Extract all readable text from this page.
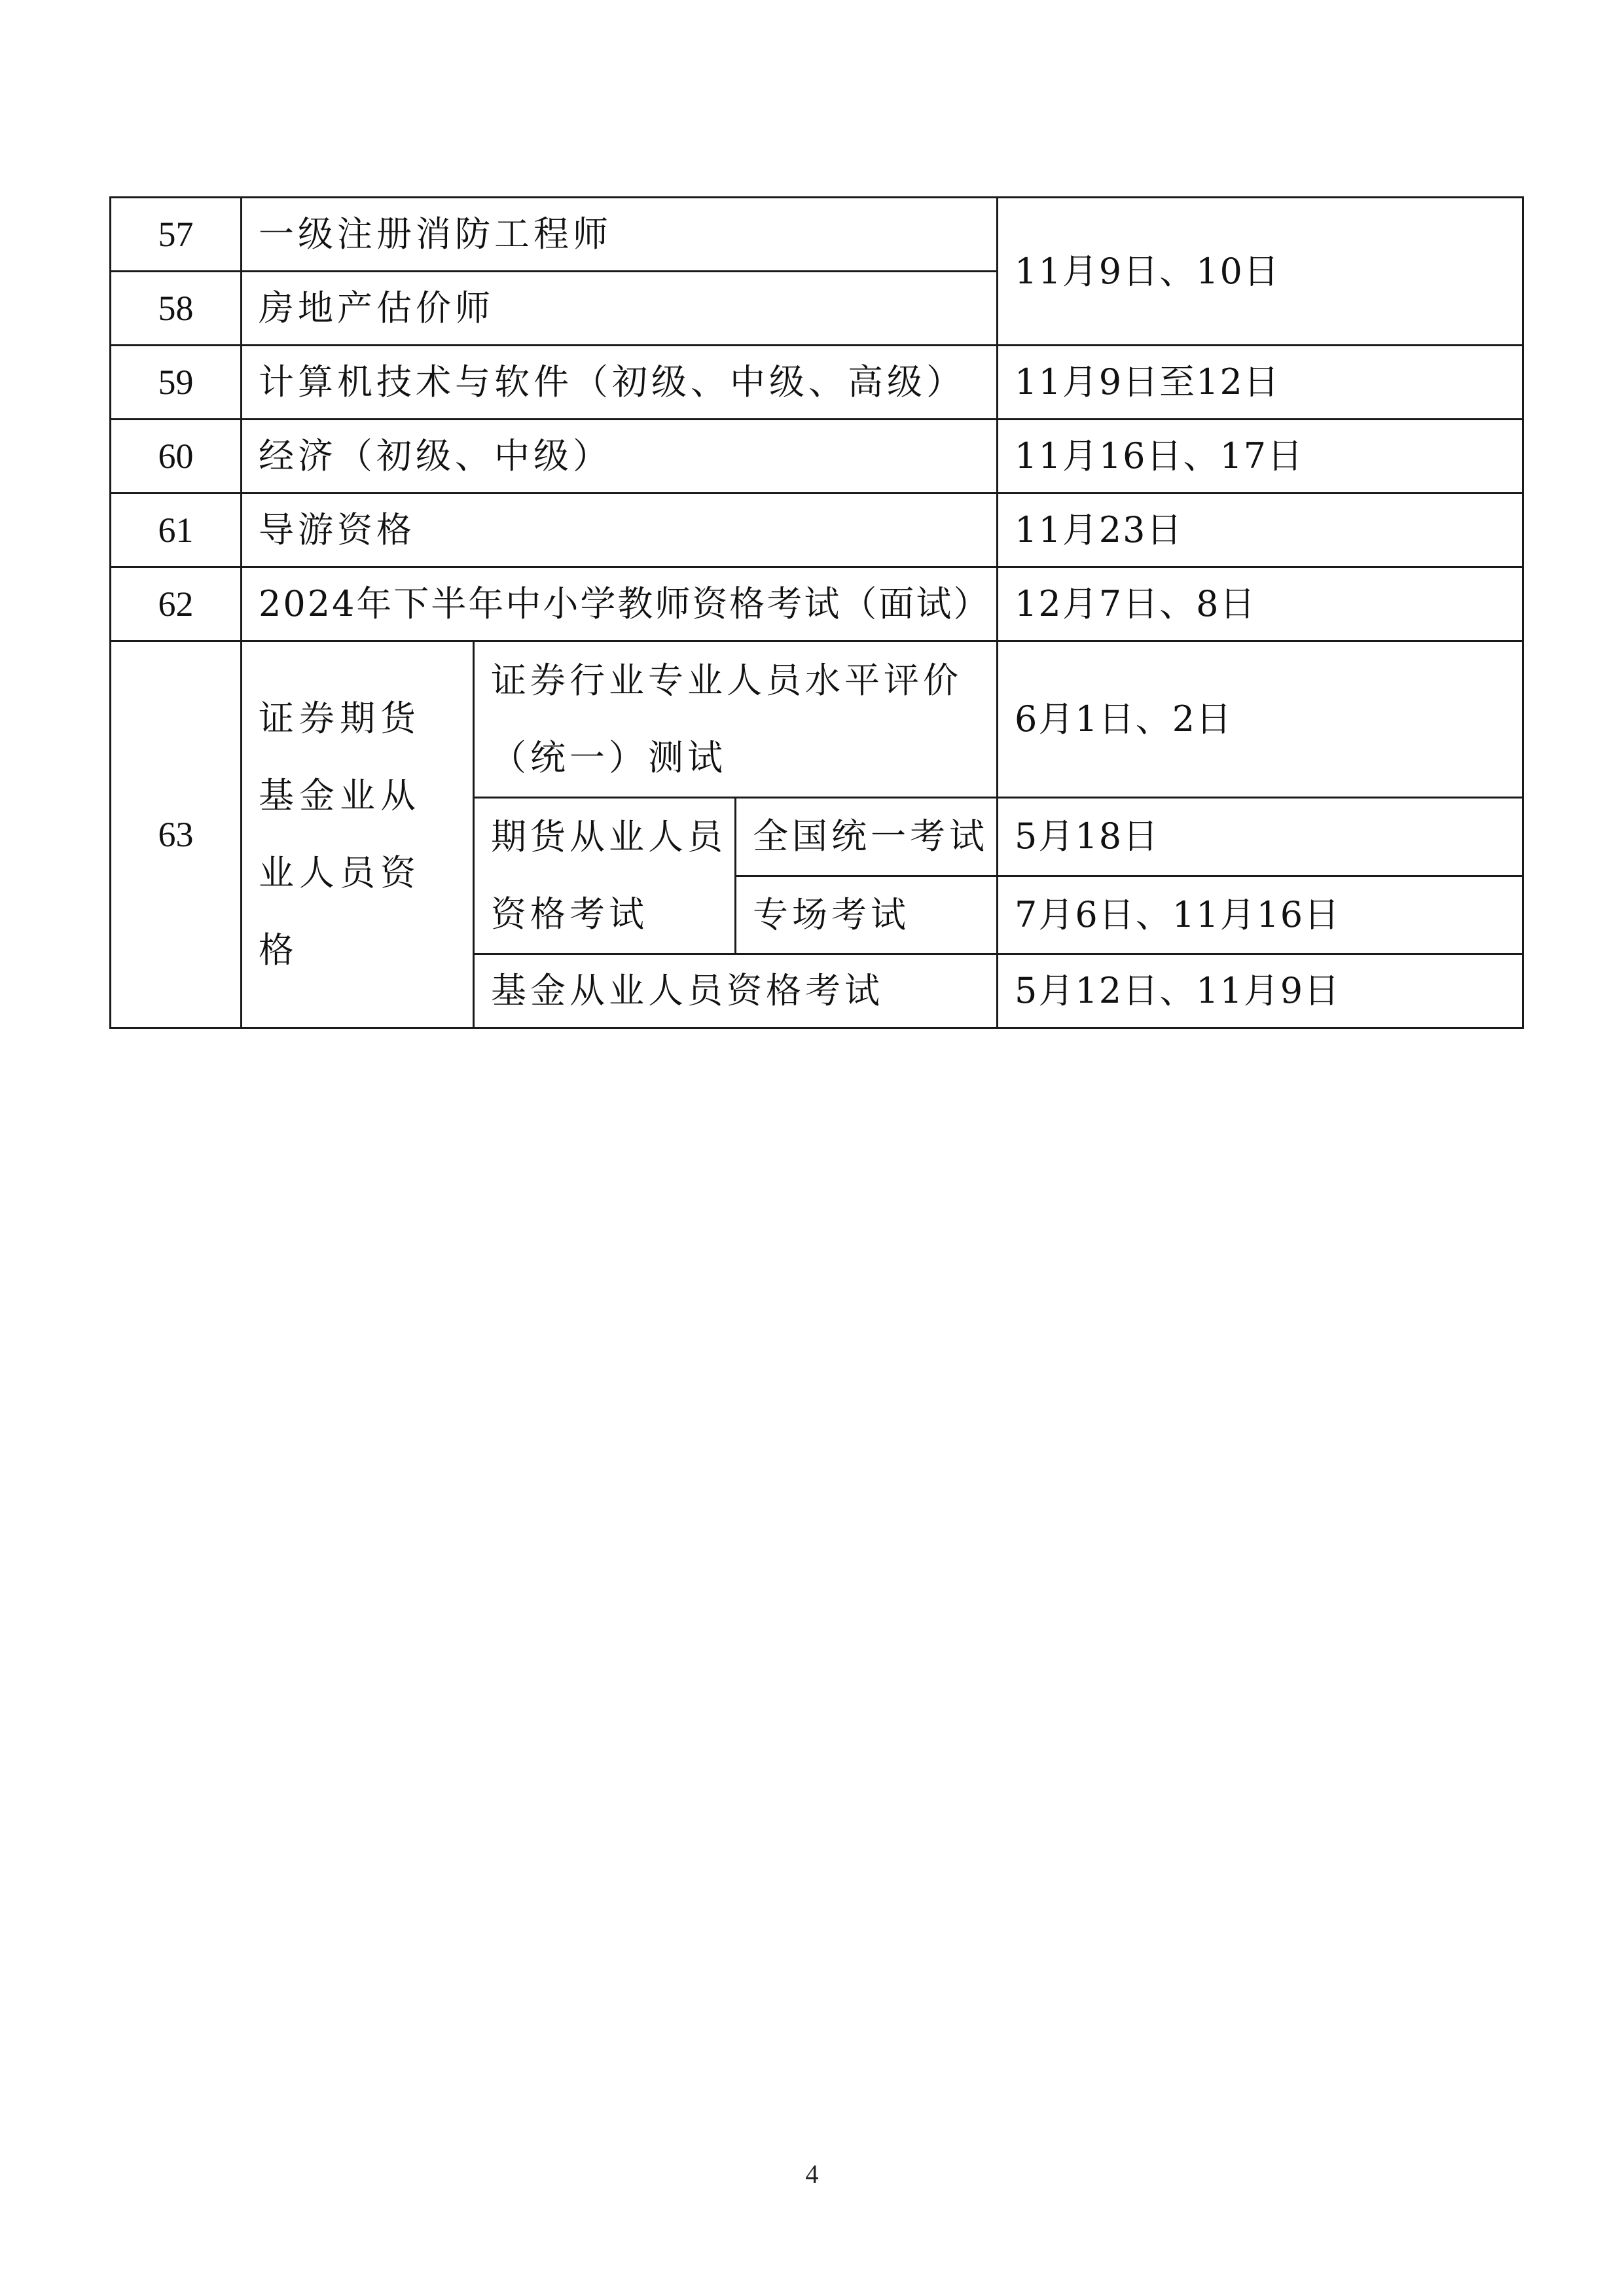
57	一级注册消防工程师			11月9日、10日
58	房地产估价师			
59	计算机技术与软件（初级、中级、高级）			11月9日至12日
60	经济（初级、中级）			11月16日、17日
61	导游资格			11月23日
62	2024年下半年中小学教师资格考试（面试）			12月7日、8日
63	证券期货基金业从业人员资格	证券行业专业人员水平评价（统一）测试		6月1日、2日
		期货从业人员资格考试	全国统一考试	5月18日
			专场考试	7月6日、11月16日
		基金从业人员资格考试		5月12日、11月9日
4
